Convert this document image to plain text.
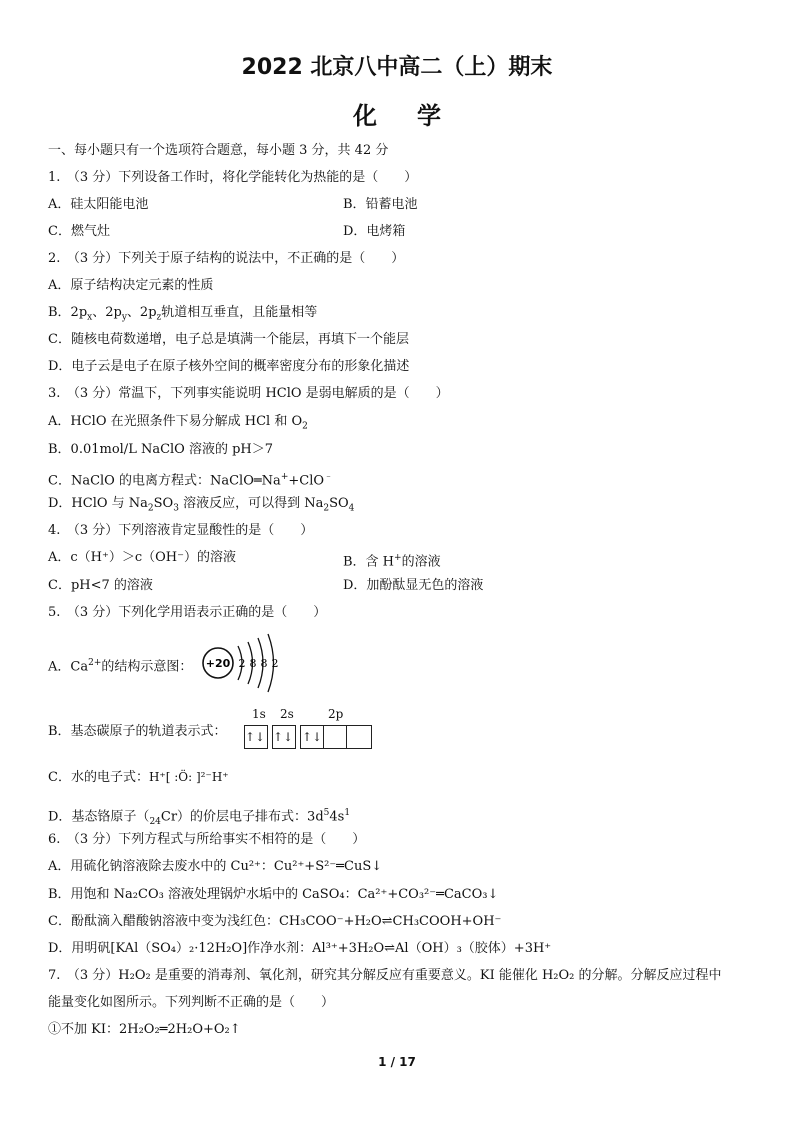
2022 北京八中高二（上）期末
化学
一、每小题只有一个选项符合题意，每小题 3 分，共 42 分
1.　（3 分）下列设备工作时，将化学能转化为热能的是（　　）
A．硅太阳能电池	B．铅蓄电池
C．燃气灶	D．电烤箱
2.　（3 分）下列关于原子结构的说法中，不正确的是（　　）
A．原子结构决定元素的性质
B．$2p_x$、$2p_y$、$2p_z$轨道相互垂直，且能量相等
C．随核电荷数递增，电子总是填满一个能层，再填下一个能层
D．电子云是电子在原子核外空间的概率密度分布的形象化描述
3.　（3 分）常温下，下列事实能说明 HClO 是弱电解质的是（　　）
A．HClO 在光照条件下易分解成 HCl 和 $O_2$
B．0.01mol/L NaClO 溶液的 pH＞7
C．NaClO 的电离方程式：NaClO═Na++ClO﹣
D．HClO 与 $Na_2SO_3$ 溶液反应，可以得到 $Na_2SO_4$
4.　（3 分）下列溶液肯定显酸性的是（　　）
A．c（H⁺）＞c（OH⁻）的溶液	B．含 H+的溶液
C．pH<7 的溶液	D．加酚酞显无色的溶液
5.　（3 分）下列化学用语表示正确的是（　　）
A．$Ca^{2+}$的结构示意图： +20 2 8 8 2
B．基态碳原子的轨道表示式：
1s 2s	2p
↑↓ ↑↓ ↑↓
C．水的电子式：H⁺[ :Ö: ]²⁻H⁺
D．基态铬原子$(_{24}Cr)$的价层电子排布式：$3d^54s^1$
6.　（3 分）下列方程式与所给事实不相符的是（　　）
A．用硫化钠溶液除去废水中的 Cu²⁺：Cu²⁺+S²⁻═CuS↓
B．用饱和 Na₂CO₃ 溶液处理锅炉水垢中的 CaSO₄：Ca²⁺+CO₃²⁻═CaCO₃↓
C．酚酞滴入醋酸钠溶液中变为浅红色：CH₃COO⁻+H₂O⇌CH₃COOH+OH⁻
D．用明矾[KAl（SO₄）₂·12H₂O]作净水剂：Al³⁺+3H₂O⇌Al（OH）₃（胶体）+3H⁺
7.　（3 分）H₂O₂ 是重要的消毒剂、氧化剂，研究其分解反应有重要意义。KI 能催化 H₂O₂ 的分解。分解反应过程中
能量变化如图所示。下列判断不正确的是（　　）
①不加 KI：2H₂O₂═2H₂O+O₂↑
1 / 17
